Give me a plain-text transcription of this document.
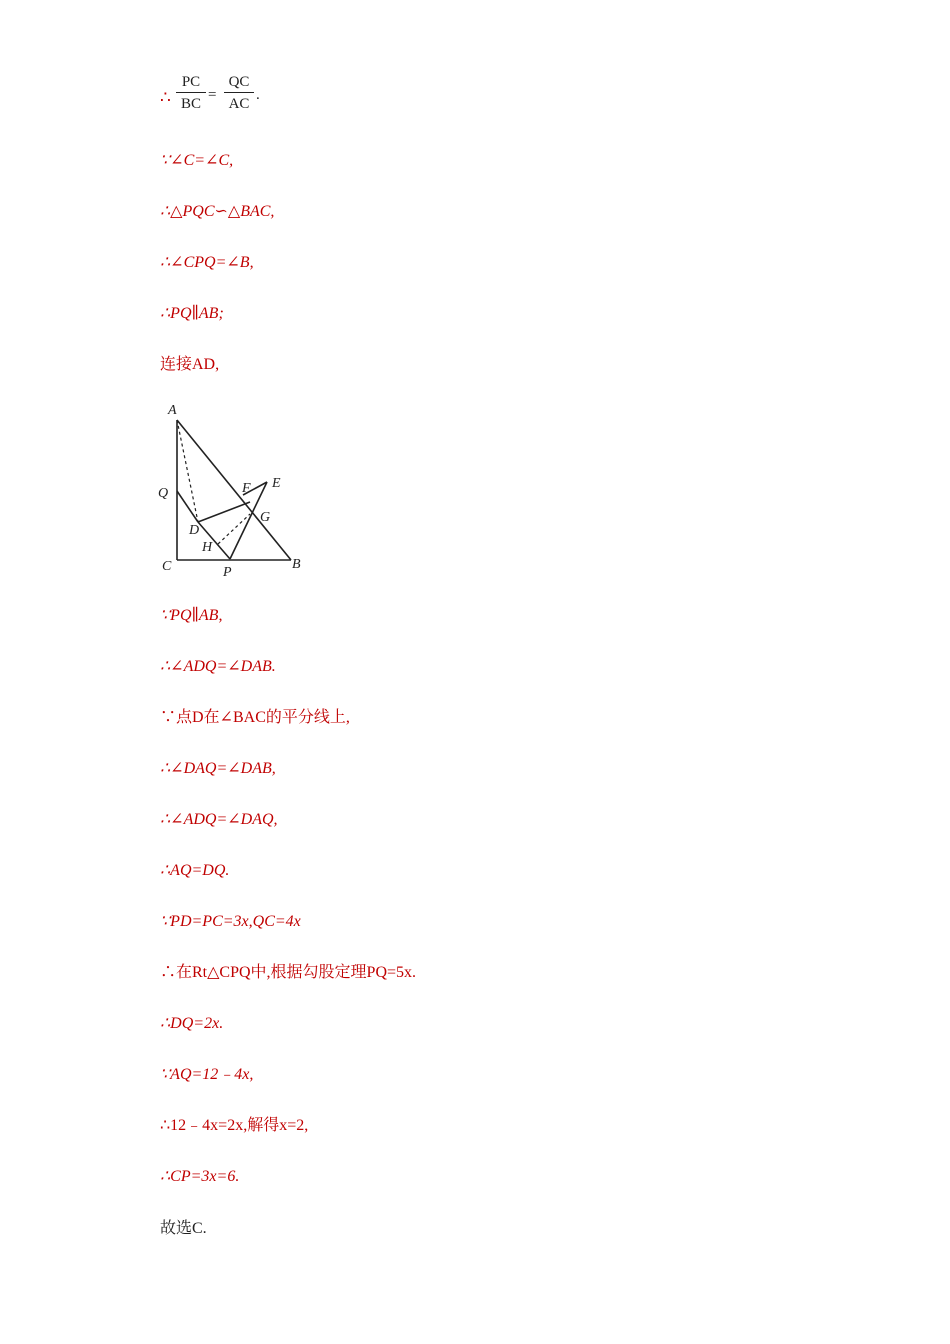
∴ $\frac{PC}{BC} = \frac{QC}{AC}$ .
∵∠C=∠C,
∴△PQC∽△BAC,
∴∠CPQ=∠B,
∴PQ∥AB;
连接AD,
A
Q	F E
G
D
H
C	P
B
∵PQ∥AB,
∴∠ADQ=∠DAB.
∵点D在∠BAC的平分线上,
∴∠DAQ=∠DAB,
∴∠ADQ=∠DAQ,
∴AQ=DQ.
∵PD=PC=3x,QC=4x
∴在Rt△CPQ中,根据勾股定理PQ=5x.
∴DQ=2x.
∵AQ=12﹣4x,
∴12﹣4x=2x,解得x=2,
∴CP=3x=6.
故选C.
